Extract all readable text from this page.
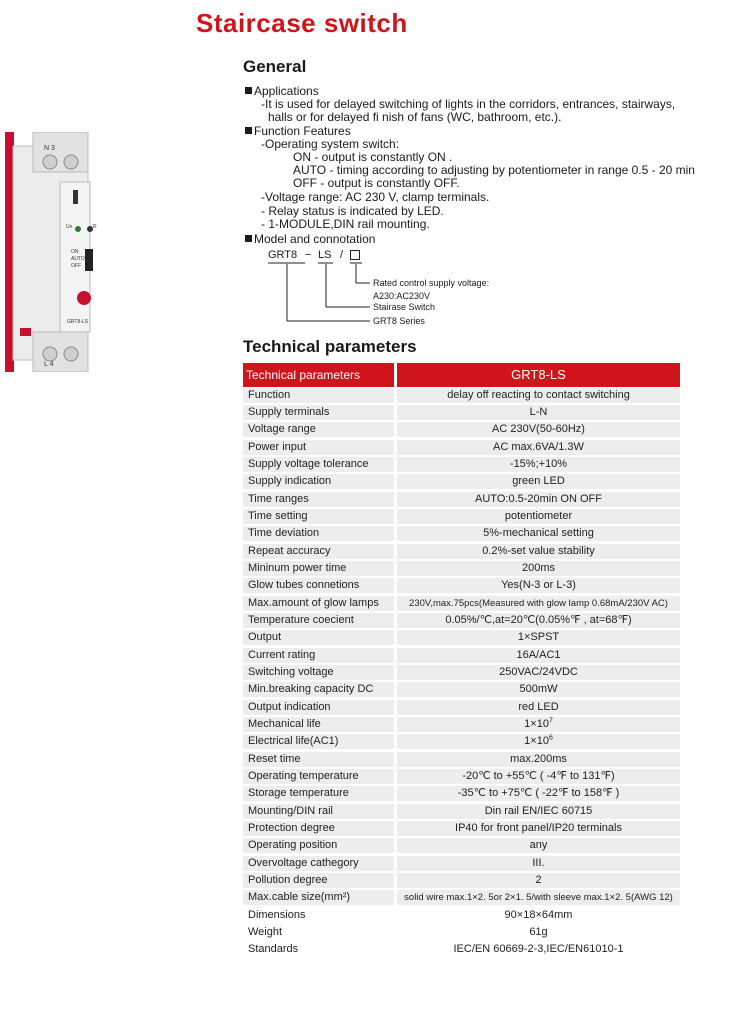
Staircase switch
General
Applications
-It is used for delayed switching of lights in the corridors, entrances, stairways,
halls or for delayed fi nish of fans (WC, bathroom, etc.).
Function Features
-Operating system switch:
ON - output is constantly ON .
AUTO - timing according to adjusting by potentiometer in range 0.5 - 20 min
OFF - output is constantly OFF.
-Voltage range: AC 230 V, clamp terminals.
- Relay status is indicated by LED.
- 1-MODULE,DIN rail mounting.
Model and connotation
GRT8 − LS /
Rated control supply voltage:
A230:AC230V
Stairase Switch
GRT8 Series
N 3
L 4
Un	R
ON
AUTO
OFF
GRT8-LS
Technical parameters
Technical parameters	GRT8-LS
Function	delay off reacting to contact switching
Supply terminals	L-N
Voltage range	AC 230V(50-60Hz)
Power input	AC max.6VA/1.3W
Supply voltage tolerance	-15%;+10%
Supply indication	green LED
Time ranges	AUTO:0.5-20min ON OFF
Time setting	potentiometer
Time deviation	5%-mechanical setting
Repeat accuracy	0.2%-set value stability
Mininum power time	200ms
Glow tubes connetions	Yes(N-3 or L-3)
Max.amount of glow lamps	230V,max.75pcs(Measured with glow lamp 0.68mA/230V AC)
Temperature coecient	0.05%/℃,at=20℃(0.05%℉ , at=68℉)
Output	1×SPST
Current rating	16A/AC1
Switching voltage	250VAC/24VDC
Min.breaking capacity DC	500mW
Output indication	red LED
Mechanical life	$1\times 10^7$
Electrical life(AC1)	$1\times 10^6$
Reset time	max.200ms
Operating temperature	-20℃ to +55℃ ( -4℉ to 131℉)
Storage temperature	-35℃ to +75℃ ( -22℉ to 158℉ )
Mounting/DIN rail	Din rail EN/IEC 60715
Protection degree	IP40 for front panel/IP20 terminals
Operating position	any
Overvoltage cathegory	III.
Pollution degree	2
Max.cable size(mm²)	solid wire max.1×2. 5or 2×1. 5/with sleeve max.1×2. 5(AWG 12)
Dimensions	90×18×64mm
Weight	61g
Standards	IEC/EN 60669-2-3,IEC/EN61010-1
